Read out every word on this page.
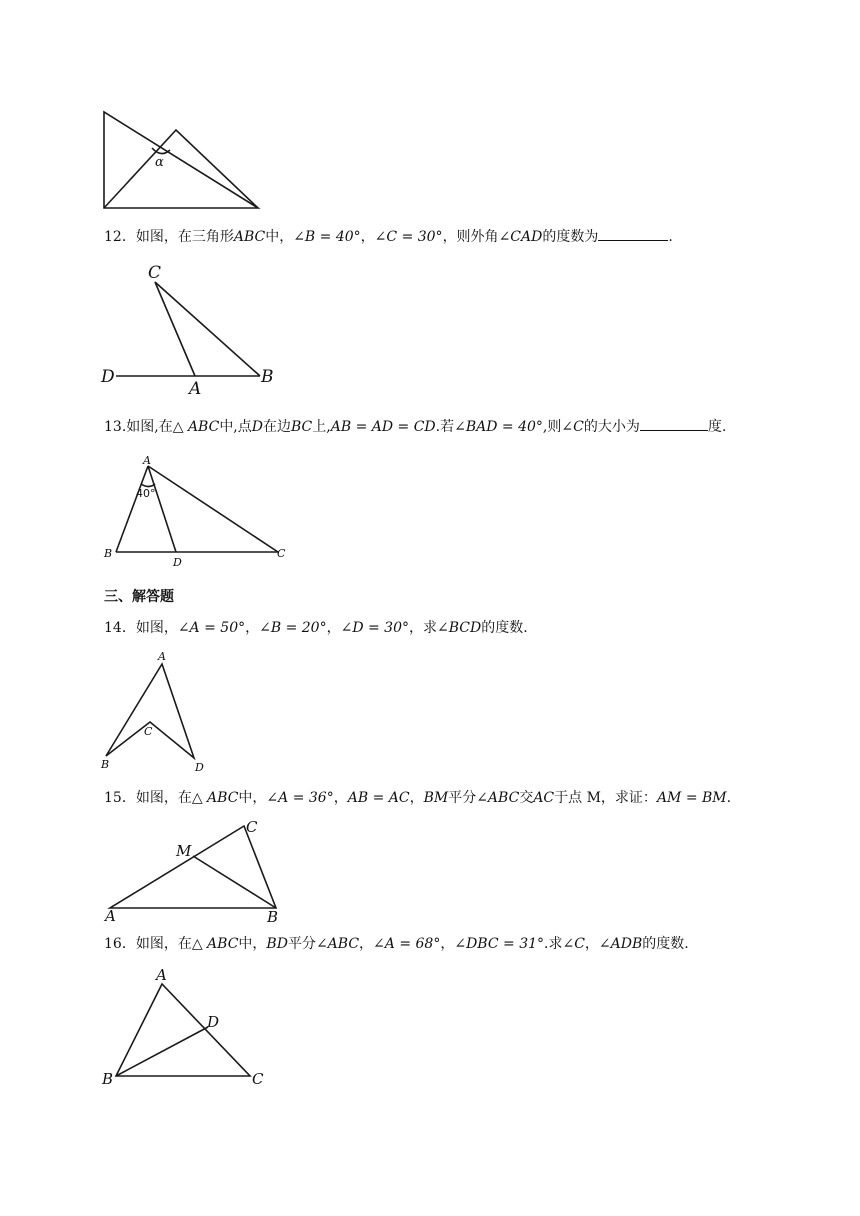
α
12．如图，在三角形ABC中，∠B = 40°，∠C = 30°，则外角∠CAD的度数为	.
C
D
A
B
13.如图,在△ ABC中,点D在边BC上,AB = AD = CD.若∠BAD = 40°,则∠C的大小为	度.
A
40°
B
D
C
三、解答题
14．如图，∠A = 50°，∠B = 20°，∠D = 30°，求∠BCD的度数.
A
C
B	D
15．如图，在△ ABC中，∠A = 36°，AB = AC，BM平分∠ABC交AC于点 M，求证：AM = BM.
A	B
C
M
16．如图，在△ ABC中，BD平分∠ABC，∠A = 68°，∠DBC = 31°.求∠C，∠ADB的度数.
A
D
B	C
